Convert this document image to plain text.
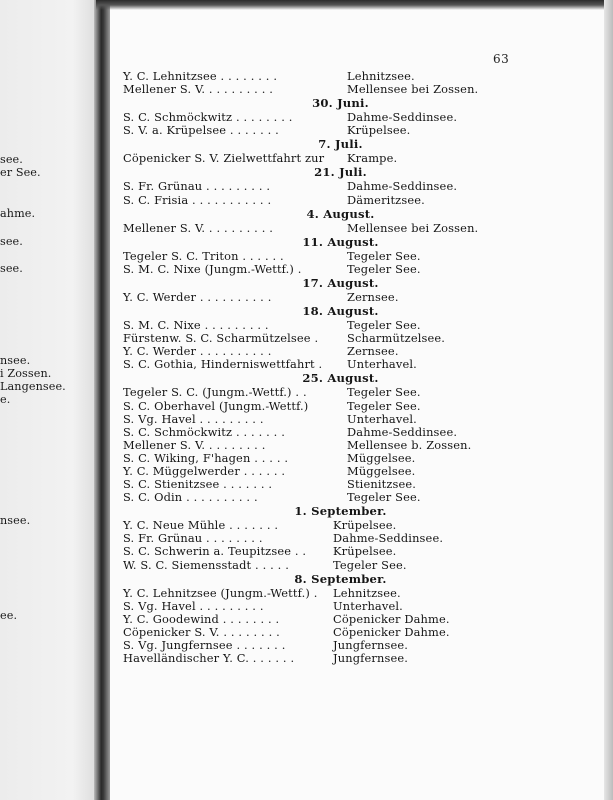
see.
er See.
ahme.
see.
see.
nsee.
i Zossen.
Langensee.
e.
nsee.
ee.
63
Y. C. Lehnitzsee . . . . . . . .	Lehnitzsee.
Mellener S. V. . . . . . . . . .	Mellensee bei Zossen.
30. Juni.
S. C. Schmöckwitz . . . . . . . .	Dahme-Seddinsee.
S. V. a. Krüpelsee . . . . . . .	Krüpelsee.
7. Juli.
Cöpenicker S. V. Zielwettfahrt zur Krampe.
21. Juli.
S. Fr. Grünau . . . . . . . . .	Dahme-Seddinsee.
S. C. Frisia . . . . . . . . . . .	Dämeritzsee.
4. August.
Mellener S. V. . . . . . . . . .	Mellensee bei Zossen.
11. August.
Tegeler S. C. Triton . . . . . .	Tegeler See.
S. M. C. Nixe (Jungm.-Wettf.) .	Tegeler See.
17. August.
Y. C. Werder . . . . . . . . . .	Zernsee.
18. August.
S. M. C. Nixe . . . . . . . . .	Tegeler See.
Fürstenw. S. C. Scharmützelsee .	Scharmützelsee.
Y. C. Werder . . . . . . . . . .	Zernsee.
S. C. Gothia, Hinderniswettfahrt . Unterhavel.
25. August.
Tegeler S. C. (Jungm.-Wettf.) . .	Tegeler See.
S. C. Oberhavel (Jungm.-Wettf.)	Tegeler See.
S. Vg. Havel . . . . . . . . .	Unterhavel.
S. C. Schmöckwitz . . . . . . .	Dahme-Seddinsee.
Mellener S. V. . . . . . . . .	Mellensee b. Zossen.
S. C. Wiking, F'hagen . . . . .	Müggelsee.
Y. C. Müggelwerder . . . . . .	Müggelsee.
S. C. Stienitzsee . . . . . . .	Stienitzsee.
S. C. Odin . . . . . . . . . .	Tegeler See.
1. September.
Y. C. Neue Mühle . . . . . . .	Krüpelsee.
S. Fr. Grünau . . . . . . . .	Dahme-Seddinsee.
S. C. Schwerin a. Teupitzsee . . Krüpelsee.
W. S. C. Siemensstadt . . . . .	Tegeler See.
8. September.
Y. C. Lehnitzsee (Jungm.-Wettf.) . Lehnitzsee.
S. Vg. Havel . . . . . . . . .	Unterhavel.
Y. C. Goodewind . . . . . . . .	Cöpenicker Dahme.
Cöpenicker S. V. . . . . . . . .	Cöpenicker Dahme.
S. Vg. Jungfernsee . . . . . . .	Jungfernsee.
Havelländischer Y. C. . . . . . .	Jungfernsee.
